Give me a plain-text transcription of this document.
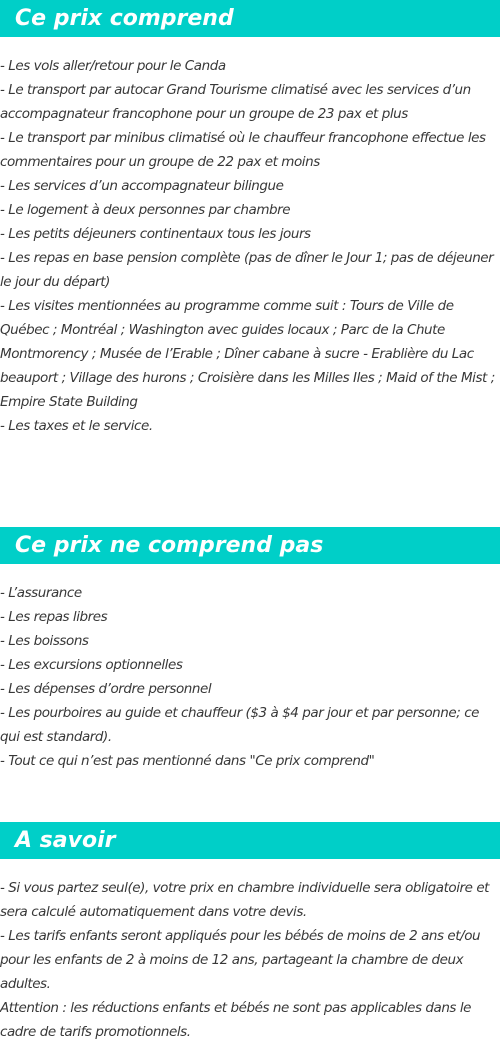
Ce prix comprend
- Les vols aller/retour pour le Canda
- Le transport par autocar Grand Tourisme climatisé avec les services d’un accompagnateur francophone pour un groupe de 23 pax et plus
- Le transport par minibus climatisé où le chauffeur francophone effectue les commentaires pour un groupe de 22 pax et moins
- Les services d’un accompagnateur bilingue
- Le logement à deux personnes par chambre
- Les petits déjeuners continentaux tous les jours
- Les repas en base pension complète (pas de dîner le Jour 1; pas de déjeuner le jour du départ)
- Les visites mentionnées au programme comme suit : Tours de Ville de Québec ; Montréal ; Washington avec guides locaux ; Parc de la Chute Montmorency ; Musée de l’Erable ; Dîner cabane à sucre - Erablière du Lac beauport ; Village des hurons ; Croisière dans les Milles Iles ; Maid of the Mist ; Empire State Building
- Les taxes et le service.
Ce prix ne comprend pas
- L’assurance
- Les repas libres
- Les boissons
- Les excursions optionnelles
- Les dépenses d’ordre personnel
- Les pourboires au guide et chauffeur ($3 à $4 par jour et par personne; ce qui est standard).
- Tout ce qui n’est pas mentionné dans "Ce prix comprend"
A savoir
- Si vous partez seul(e), votre prix en chambre individuelle sera obligatoire et sera calculé automatiquement dans votre devis.
- Les tarifs enfants seront appliqués pour les bébés de moins de 2 ans et/ou pour les enfants de 2 à moins de 12 ans, partageant la chambre de deux adultes.
Attention : les réductions enfants et bébés ne sont pas applicables dans le cadre de tarifs promotionnels.
